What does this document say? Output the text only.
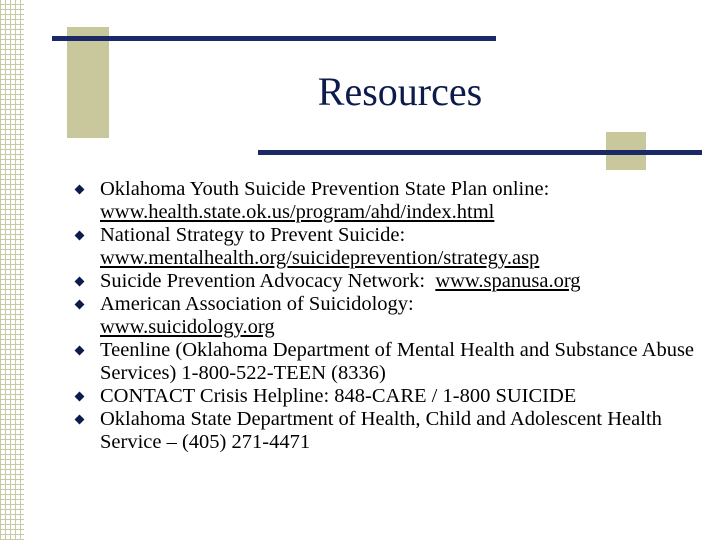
Resources
Oklahoma Youth Suicide Prevention State Plan online:
www.health.state.ok.us/program/ahd/index.html
National Strategy to Prevent Suicide:
www.mentalhealth.org/suicideprevention/strategy.asp
Suicide Prevention Advocacy Network: www.spanusa.org
American Association of Suicidology:
www.suicidology.org
Teenline (Oklahoma Department of Mental Health and Substance Abuse Services) 1-800-522-TEEN (8336)
CONTACT Crisis Helpline: 848-CARE / 1-800 SUICIDE
Oklahoma State Department of Health, Child and Adolescent Health Service – (405) 271-4471
